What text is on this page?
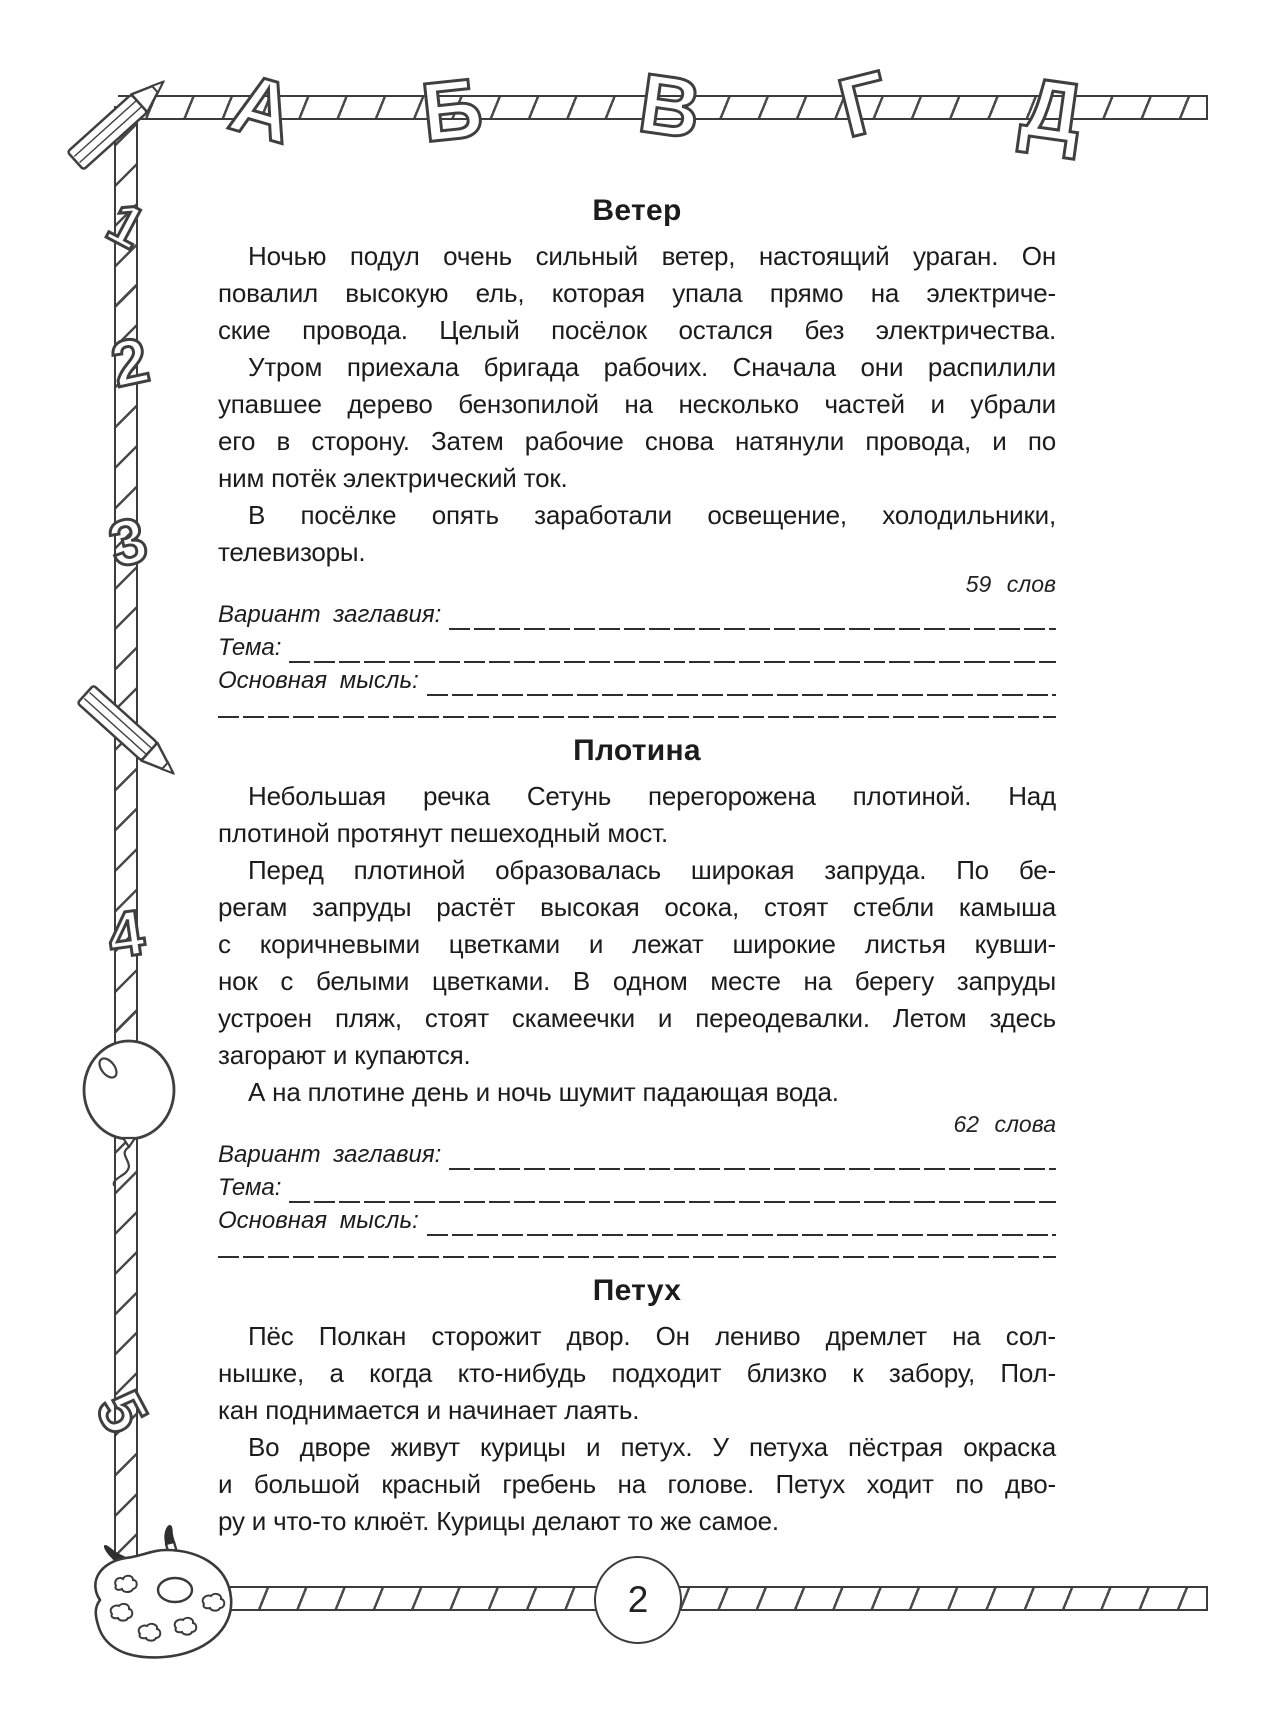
А Б В Г Д
1
2
3
4
5
Ветер
Ночью подул очень сильный ветер, настоящий ураган. Он
повалил высокую ель, которая упала прямо на электриче-
ские провода. Целый посёлок остался без электричества.
Утром приехала бригада рабочих. Сначала они распилили
упавшее дерево бензопилой на несколько частей и убрали
его в сторону. Затем рабочие снова натянули провода, и по
ним потёк электрический ток.
В посёлке опять заработали освещение, холодильники,
телевизоры.
59 слов
Вариант заглавия:
Тема:
Основная мысль:
Плотина
Небольшая речка Сетунь перегорожена плотиной. Над
плотиной протянут пешеходный мост.
Перед плотиной образовалась широкая запруда. По бе-
регам запруды растёт высокая осока, стоят стебли камыша
с коричневыми цветками и лежат широкие листья кувши-
нок с белыми цветками. В одном месте на берегу запруды
устроен пляж, стоят скамеечки и переодевалки. Летом здесь
загорают и купаются.
А на плотине день и ночь шумит падающая вода.
62 слова
Вариант заглавия:
Тема:
Основная мысль:
Петух
Пёс Полкан сторожит двор. Он лениво дремлет на сол-
нышке, а когда кто-нибудь подходит близко к забору, Пол-
кан поднимается и начинает лаять.
Во дворе живут курицы и петух. У петуха пёстрая окраска
и большой красный гребень на голове. Петух ходит по дво-
ру и что-то клюёт. Курицы делают то же самое.
2
